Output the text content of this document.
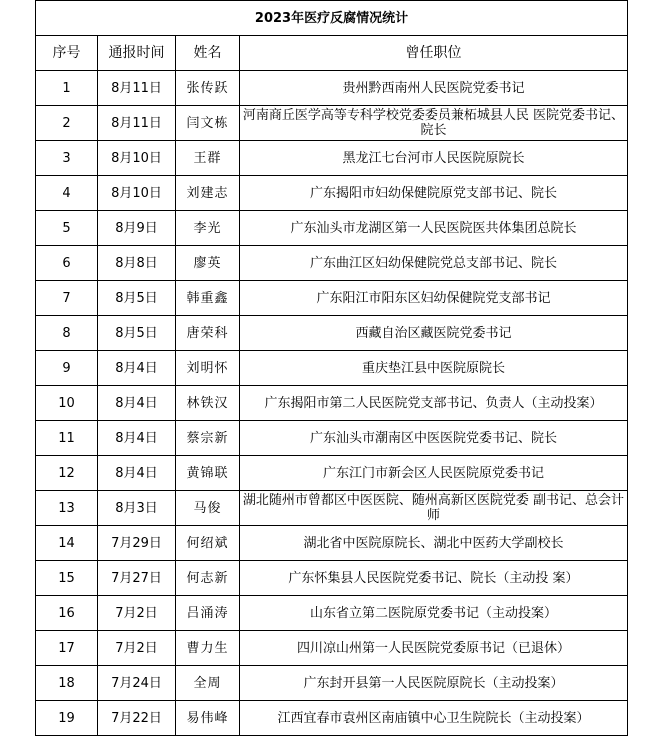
2023年医疗反腐情况统计			
序号	通报时间	姓名	曾任职位
1	8月11日	张传跃	贵州黔西南州人民医院党委书记
2	8月11日	闫文栋	河南商丘医学高等专科学校党委委员兼柘城县人民 医院党委书记、院长
3	8月10日	王群	黑龙江七台河市人民医院原院长
4	8月10日	刘建志	广东揭阳市妇幼保健院原党支部书记、院长
5	8月9日	李光	广东汕头市龙湖区第一人民医院医共体集团总院长
6	8月8日	廖英	广东曲江区妇幼保健院党总支部书记、院长
7	8月5日	韩重鑫	广东阳江市阳东区妇幼保健院党支部书记
8	8月5日	唐荣科	西藏自治区藏医院党委书记
9	8月4日	刘明怀	重庆垫江县中医院原院长
10	8月4日	林铁汉	广东揭阳市第二人民医院党支部书记、负责人（主动投案）
11	8月4日	蔡宗新	广东汕头市潮南区中医医院党委书记、院长
12	8月4日	黄锦联	广东江门市新会区人民医院原党委书记
13	8月3日	马俊	湖北随州市曾都区中医医院、随州高新区医院党委 副书记、总会计师
14	7月29日	何绍斌	湖北省中医院原院长、湖北中医药大学副校长
15	7月27日	何志新	广东怀集县人民医院党委书记、院长（主动投 案）
16	7月2日	吕涌涛	山东省立第二医院原党委书记（主动投案）
17	7月2日	曹力生	四川凉山州第一人民医院党委原书记（已退休）
18	7月24日	全周	广东封开县第一人民医院原院长（主动投案）
19	7月22日	易伟峰	江西宜春市袁州区南庙镇中心卫生院院长（主动投案）
